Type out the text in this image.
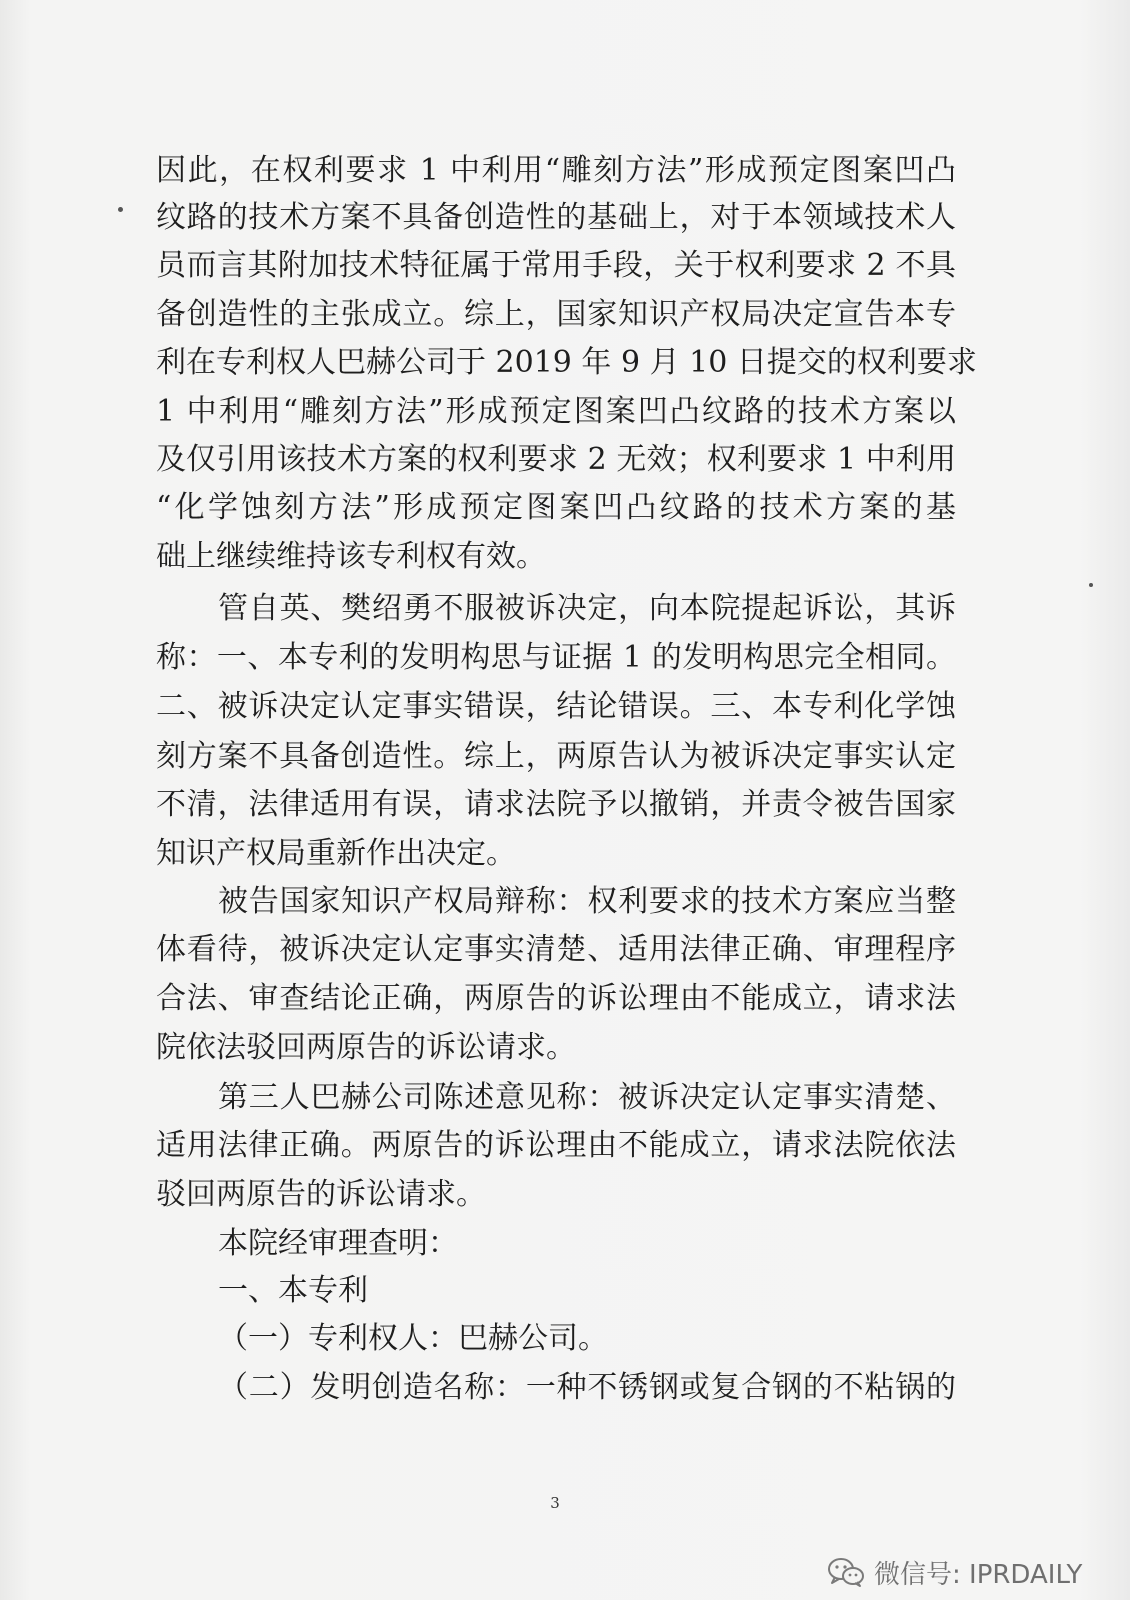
因此，在权利要求 1 中利用“雕刻方法”形成预定图案凹凸
纹路的技术方案不具备创造性的基础上，对于本领域技术人
员而言其附加技术特征属于常用手段，关于权利要求 2 不具
备创造性的主张成立。综上，国家知识产权局决定宣告本专
利在专利权人巴赫公司于 2019 年 9 月 10 日提交的权利要求
1 中利用“雕刻方法”形成预定图案凹凸纹路的技术方案以
及仅引用该技术方案的权利要求 2 无效；权利要求 1 中利用
“化学蚀刻方法”形成预定图案凹凸纹路的技术方案的基
础上继续维持该专利权有效。
管自英、樊绍勇不服被诉决定，向本院提起诉讼，其诉
称：一、本专利的发明构思与证据 1 的发明构思完全相同。
二、被诉决定认定事实错误，结论错误。三、本专利化学蚀
刻方案不具备创造性。综上，两原告认为被诉决定事实认定
不清，法律适用有误，请求法院予以撤销，并责令被告国家
知识产权局重新作出决定。
被告国家知识产权局辩称：权利要求的技术方案应当整
体看待，被诉决定认定事实清楚、适用法律正确、审理程序
合法、审查结论正确，两原告的诉讼理由不能成立，请求法
院依法驳回两原告的诉讼请求。
第三人巴赫公司陈述意见称：被诉决定认定事实清楚、
适用法律正确。两原告的诉讼理由不能成立，请求法院依法
驳回两原告的诉讼请求。
本院经审理查明：
一、本专利
（一）专利权人：巴赫公司。
（二）发明创造名称：一种不锈钢或复合钢的不粘锅的
3
微信号: IPRDAILY
